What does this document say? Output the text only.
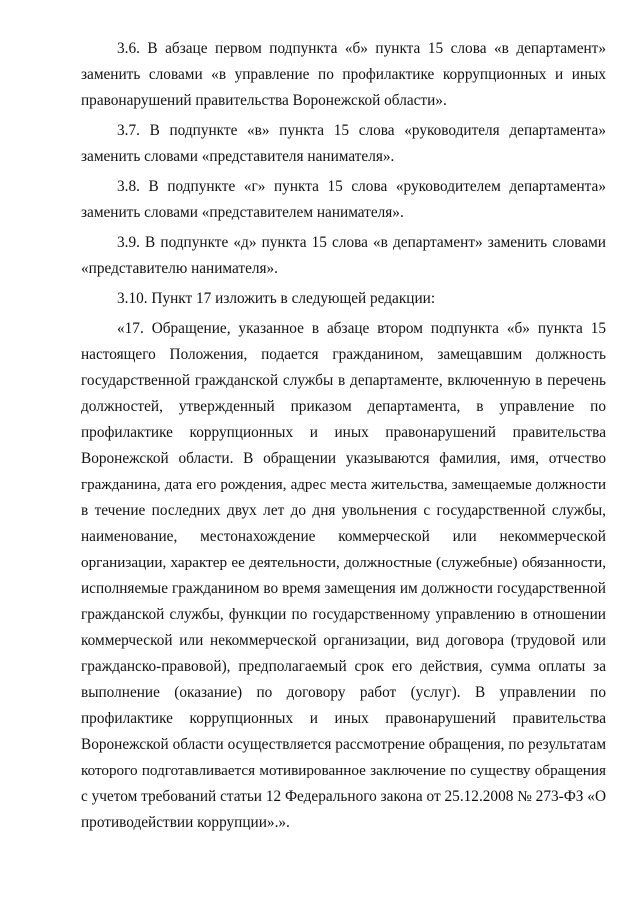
3.6. В абзаце первом подпункта «б» пункта 15 слова «в департамент»
заменить словами «в управление по профилактике коррупционных и иных
правонарушений правительства Воронежской области».
3.7. В подпункте «в» пункта 15 слова «руководителя департамента»
заменить словами «представителя нанимателя».
3.8. В подпункте «г» пункта 15 слова «руководителем департамента»
заменить словами «представителем нанимателя».
3.9. В подпункте «д» пункта 15 слова «в департамент» заменить словами
«представителю нанимателя».
3.10. Пункт 17 изложить в следующей редакции:
«17. Обращение, указанное в абзаце втором подпункта «б» пункта 15
настоящего Положения, подается гражданином, замещавшим должность
государственной гражданской службы в департаменте, включенную в перечень
должностей, утвержденный приказом департамента, в управление по
профилактике коррупционных и иных правонарушений правительства
Воронежской области. В обращении указываются фамилия, имя, отчество
гражданина, дата его рождения, адрес места жительства, замещаемые должности
в течение последних двух лет до дня увольнения с государственной службы,
наименование, местонахождение коммерческой или некоммерческой
организации, характер ее деятельности, должностные (служебные) обязанности,
исполняемые гражданином во время замещения им должности государственной
гражданской службы, функции по государственному управлению в отношении
коммерческой или некоммерческой организации, вид договора (трудовой или
гражданско-правовой), предполагаемый срок его действия, сумма оплаты за
выполнение (оказание) по договору работ (услуг). В управлении по
профилактике коррупционных и иных правонарушений правительства
Воронежской области осуществляется рассмотрение обращения, по результатам
которого подготавливается мотивированное заключение по существу обращения
с учетом требований статьи 12 Федерального закона от 25.12.2008 № 273-ФЗ «О
противодействии коррупции».».
